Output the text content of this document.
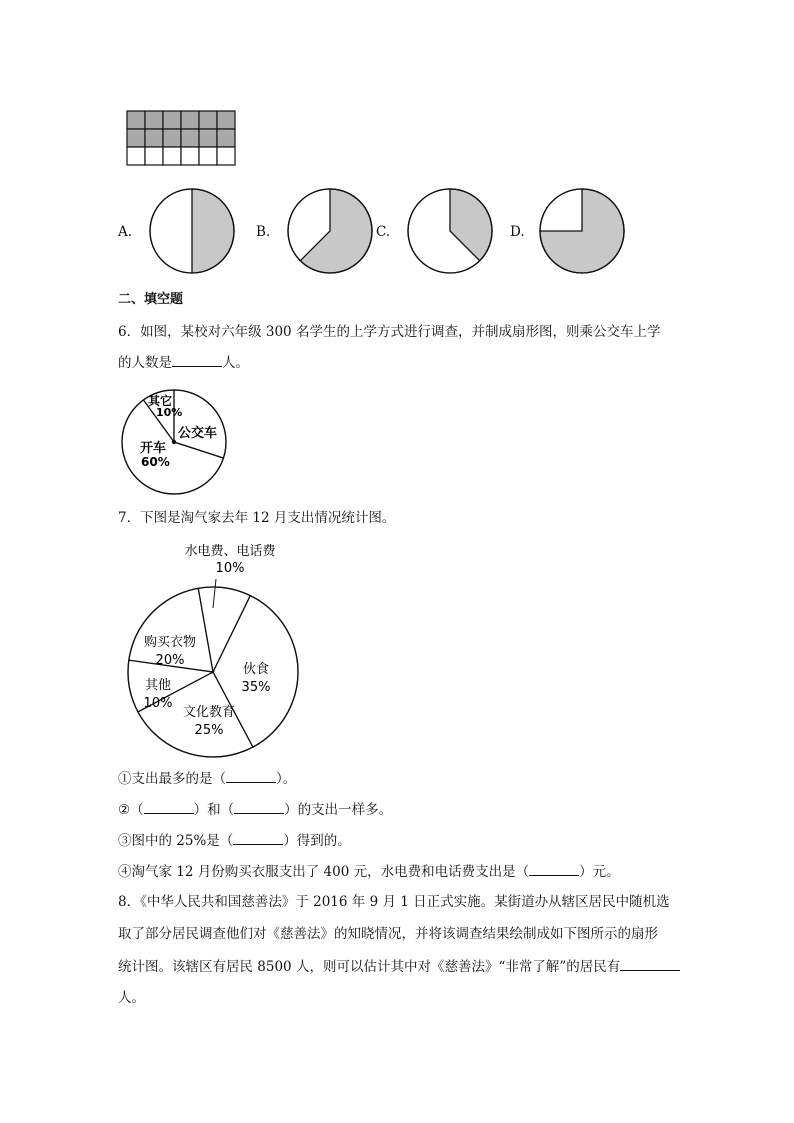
A.	B.	C.	D.
二、填空题
6．如图，某校对六年级 300 名学生的上学方式进行调查，并制成扇形图，则乘公交车上学
的人数是	人。
其它
10%
公交车
开车
60%
7．下图是淘气家去年 12 月支出情况统计图。
水电费、电话费
10%
购买衣物
20%
伙食
35%
其他
10%
文化教育
25%
①支出最多的是（	）。
②（	）和（	）的支出一样多。
③图中的 25%是（	）得到的。
④淘气家 12 月份购买衣服支出了 400 元，水电费和电话费支出是（	）元。
8．《中华人民共和国慈善法》于 2016 年 9 月 1 日正式实施。某街道办从辖区居民中随机选
取了部分居民调查他们对《慈善法》的知晓情况，并将该调查结果绘制成如下图所示的扇形
统计图。该辖区有居民 8500 人，则可以估计其中对《慈善法》“非常了解”的居民有
人。
